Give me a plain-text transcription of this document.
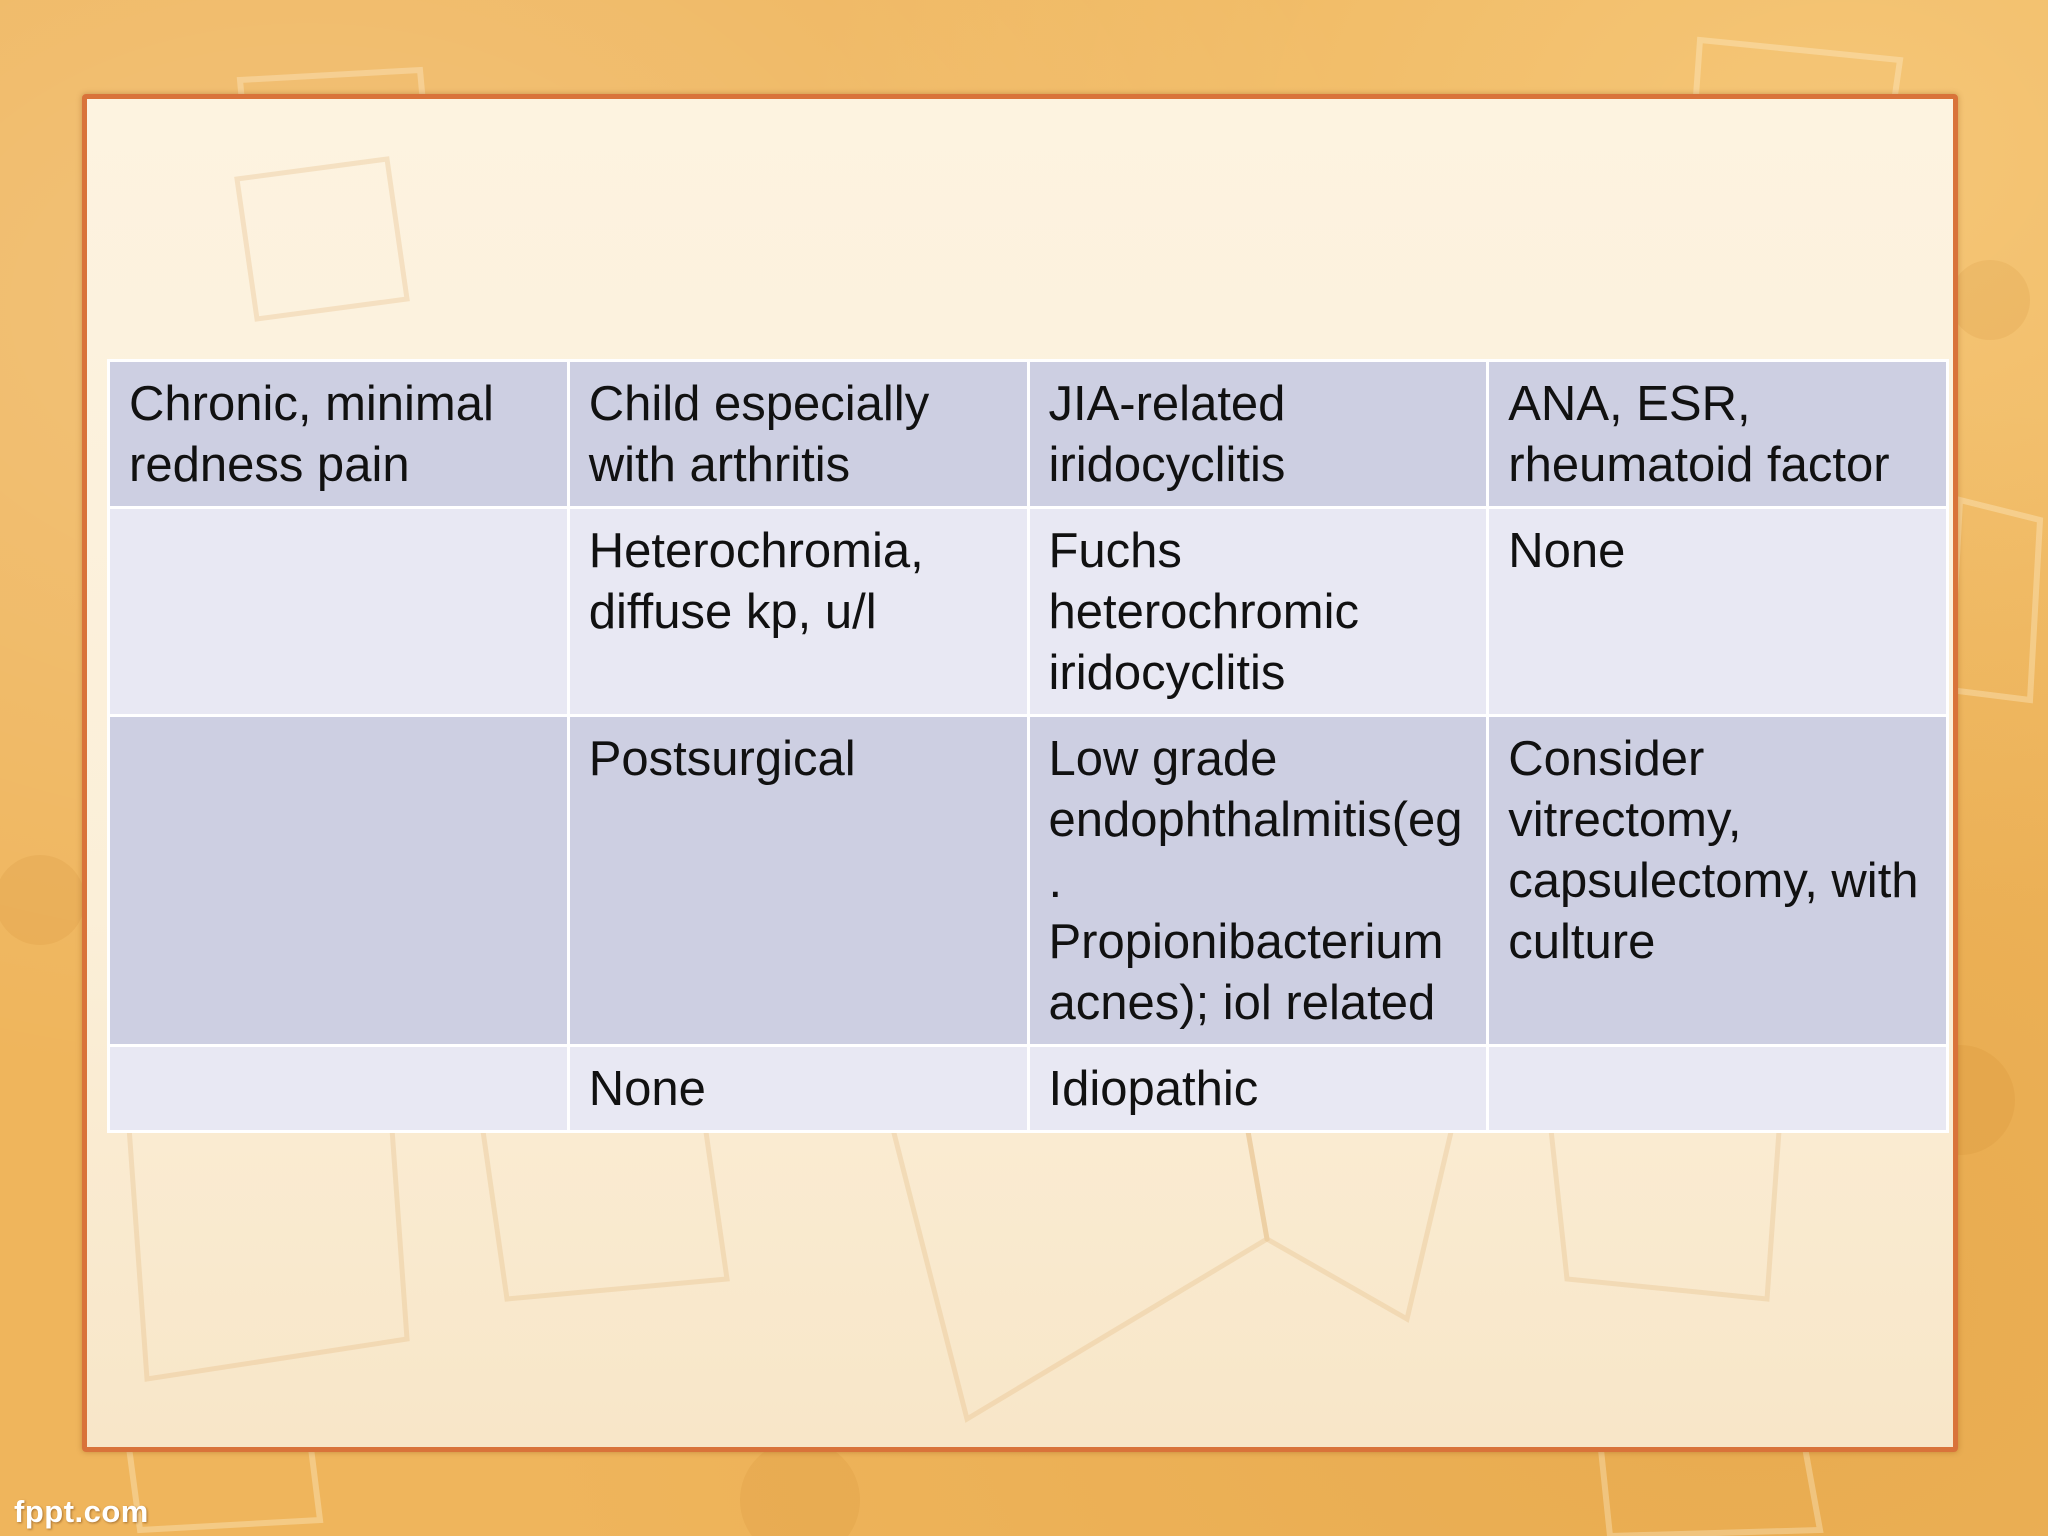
Chronic, minimal redness pain	Child especially with arthritis	JIA-related iridocyclitis	ANA, ESR, rheumatoid factor
	Heterochromia, diffuse kp, u/l	Fuchs heterochromic iridocyclitis	None
	Postsurgical	Low grade endophthalmitis(eg. Propionibacterium acnes); iol related	Consider vitrectomy, capsulectomy, with culture
	None	Idiopathic	
fppt.com
